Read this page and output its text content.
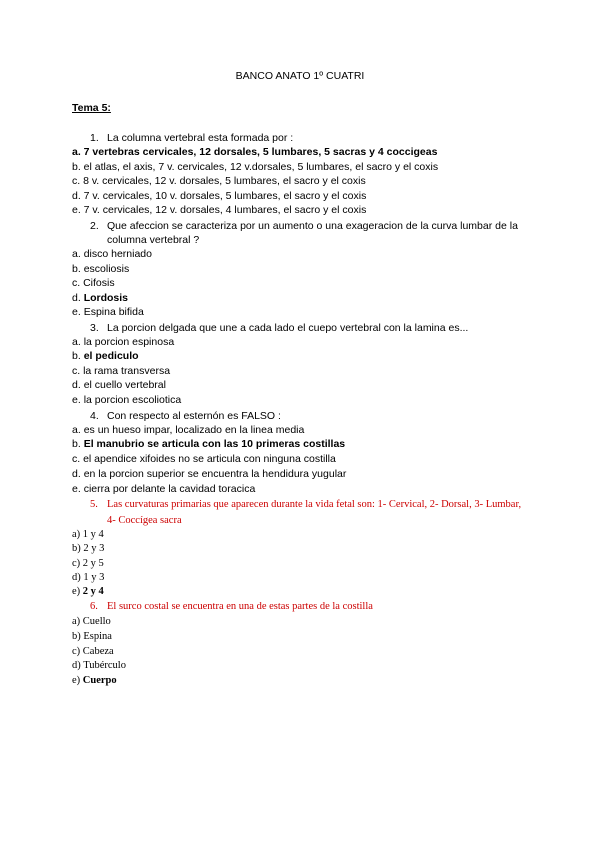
BANCO ANATO 1º CUATRI
Tema 5:
1. La columna vertebral esta formada por :
a. 7 vertebras cervicales, 12 dorsales, 5 lumbares, 5 sacras y 4 coccigeas
b. el atlas, el axis, 7 v. cervicales, 12 v.dorsales, 5 lumbares, el sacro y el coxis
c. 8 v. cervicales, 12 v. dorsales, 5 lumbares, el sacro y el coxis
d. 7 v. cervicales, 10 v. dorsales, 5 lumbares, el sacro y el coxis
e. 7 v. cervicales, 12 v. dorsales, 4 lumbares, el sacro y el coxis
2. Que afeccion se caracteriza por un aumento o una exageracion de la curva lumbar de la columna vertebral ?
a. disco herniado
b. escoliosis
c. Cifosis
d. Lordosis
e. Espina bifida
3. La porcion delgada que une a cada lado el cuepo vertebral con la lamina es...
a. la porcion espinosa
b. el pediculo
c. la rama transversa
d. el cuello vertebral
e. la porcion escoliotica
4. Con respecto al esternón es FALSO :
a. es un hueso impar, localizado en la linea media
b. El manubrio se articula con las 10 primeras costillas
c. el apendice xifoides no se articula con ninguna costilla
d. en la porcion superior se encuentra la hendidura yugular
e. cierra por delante la cavidad toracica
5. Las curvaturas primarias que aparecen durante la vida fetal son: 1- Cervical, 2- Dorsal, 3- Lumbar, 4- Coccígea sacra
a) 1 y 4
b) 2 y 3
c) 2 y 5
d) 1 y 3
e) 2 y 4
6. El surco costal se encuentra en una de estas partes de la costilla
a) Cuello
b) Espina
c) Cabeza
d) Tubérculo
e) Cuerpo
